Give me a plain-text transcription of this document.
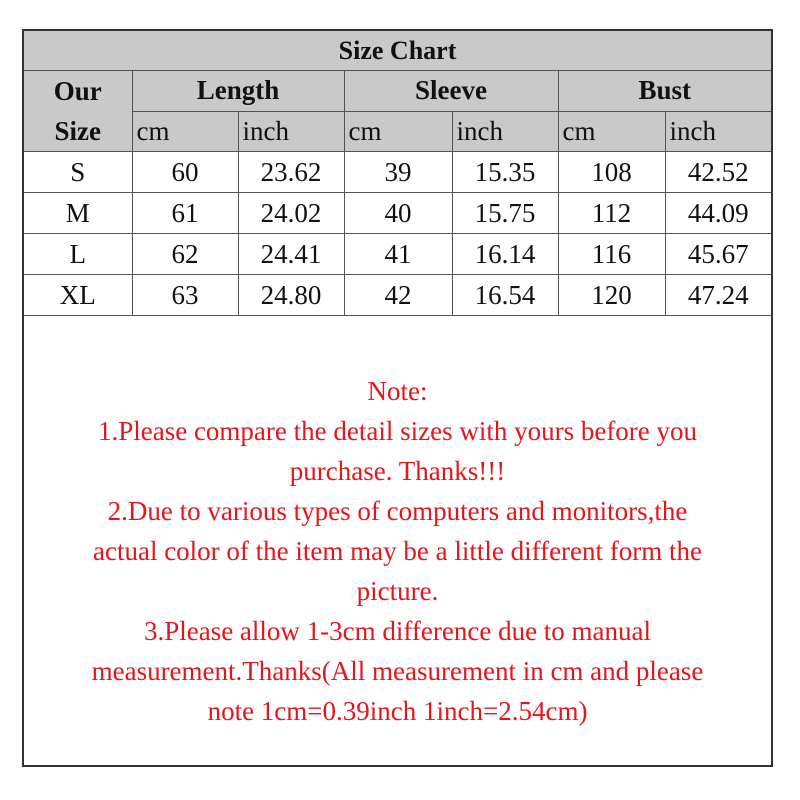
Size Chart						

Our
Size	Length		Sleeve		Bust	
	cm	inch	cm	inch	cm	inch
S	60	23.62	39	15.35	108	42.52
M	61	24.02	40	15.75	112	44.09
L	62	24.41	41	16.14	116	45.67
XL	63	24.80	42	16.54	120	47.24
Note:
1.Please compare the detail sizes with yours before you
purchase. Thanks!!!
2.Due to various types of computers and monitors,the
actual color of the item may be a little different form the
picture.
3.Please allow 1-3cm difference due to manual
measurement.Thanks(All measurement in cm and please
note 1cm=0.39inch 1inch=2.54cm)
